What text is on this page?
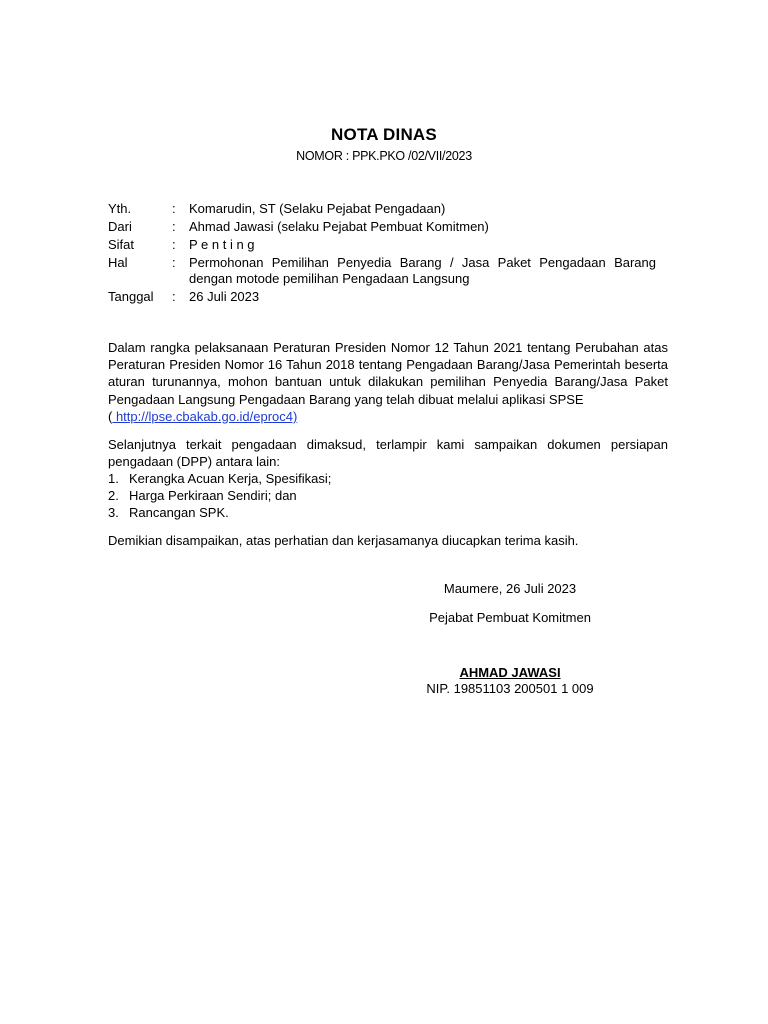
NOTA DINAS
NOMOR : PPK.PKO /02/VII/2023
Yth.	: Komarudin, ST (Selaku Pejabat Pengadaan)
Dari	: Ahmad Jawasi (selaku Pejabat Pembuat Komitmen)
Sifat	: P e n t i n g
Hal	: Permohonan Pemilihan Penyedia Barang / Jasa Paket Pengadaan Barang
dengan motode pemilihan Pengadaan Langsung
Tanggal : 26 Juli 2023
Dalam rangka pelaksanaan Peraturan Presiden Nomor 12 Tahun 2021 tentang Perubahan atas Peraturan Presiden Nomor 16 Tahun 2018 tentang Pengadaan Barang/Jasa Pemerintah beserta aturan turunannya, mohon bantuan untuk dilakukan pemilihan Penyedia Barang/Jasa Paket Pengadaan Langsung Pengadaan Barang yang telah dibuat melalui aplikasi SPSE
( http://lpse.cbakab.go.id/eproc4)
Selanjutnya terkait pengadaan dimaksud, terlampir kami sampaikan dokumen persiapan pengadaan (DPP) antara lain:
1. Kerangka Acuan Kerja, Spesifikasi;
2. Harga Perkiraan Sendiri; dan
3. Rancangan SPK.
Demikian disampaikan, atas perhatian dan kerjasamanya diucapkan terima kasih.
Maumere, 26 Juli 2023
Pejabat Pembuat Komitmen
AHMAD JAWASI
NIP. 19851103 200501 1 009
